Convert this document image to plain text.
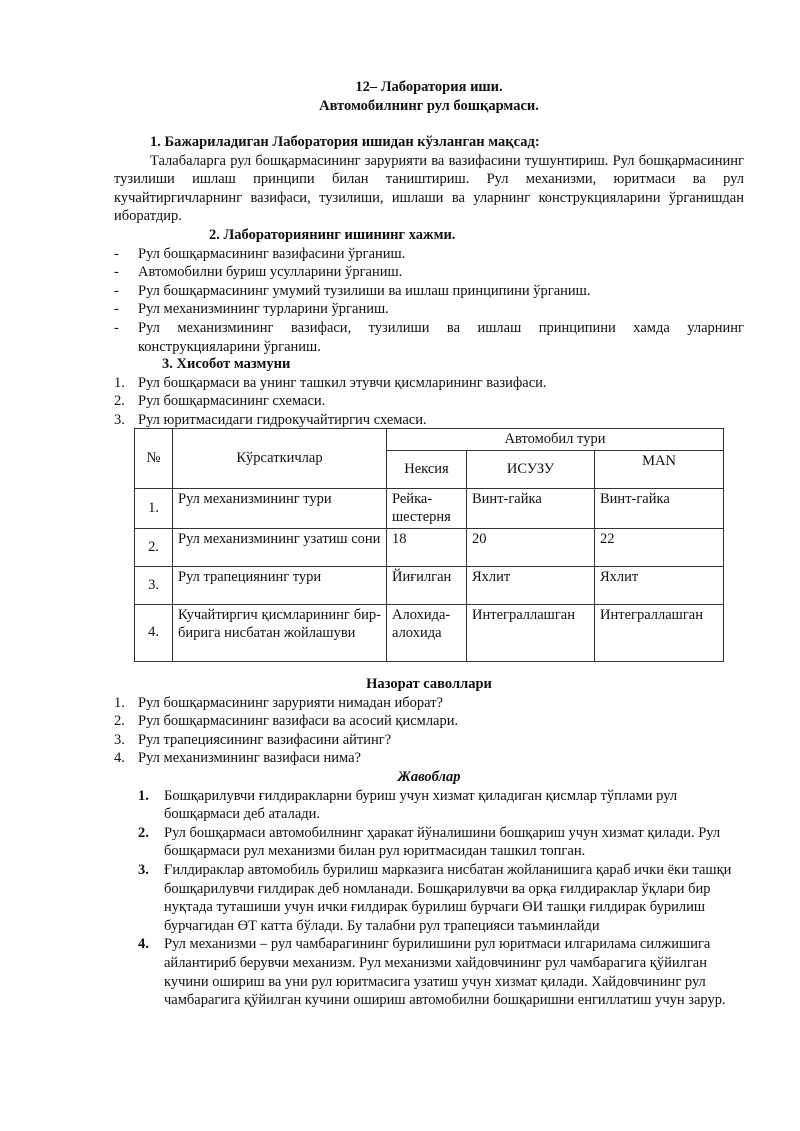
12– Лаборатория иши.
Автомобилнинг рул бошқармаси.
1. Бажариладиган Лаборатория ишидан кўзланган мақсад:
Талабаларга рул бошқармасининг зарурияти ва вазифасини тушунтириш. Рул бошқармасининг тузилиши ишлаш принципи билан таништириш. Рул механизми, юритмаси ва рул кучайтиргичларнинг вазифаси, тузилиши, ишлаши ва уларнинг конструкцияларини ўрганишдан иборатдир.
2. Лабораториянинг ишининг хажми.
- Рул бошқармасининг вазифасини ўрганиш.
- Автомобилни буриш усулларини ўрганиш.
- Рул бошқармасининг умумий тузилиши ва ишлаш принципини ўрганиш.
- Рул механизмининг турларини ўрганиш.
- Рул механизмининг вазифаси, тузилиши ва ишлаш принципини хамда уларнинг конструкцияларини ўрганиш.
3. Хисобот мазмуни
1. Рул бошқармаси ва унинг ташкил этувчи қисмларининг вазифаси.
2. Рул бошқармасининг схемаси.
3. Рул юритмасидаги гидрокучайтиргич схемаси.
№	Кўрсаткичлар	Автомобил тури		
		Нексия	ИСУЗУ	MAN
1.	Рул механизмининг тури	Рейка-шестерня	Винт-гайка	Винт-гайка
2.	Рул механизмининг узатиш сони	18	20	22
3.	Рул трапециянинг тури	Йиғилган	Яхлит	Яхлит
4.	Кучайтиргич қисмларининг бир-бирига нисбатан жойлашуви	Алохида-алохида	Интеграллашган	Интеграллашган
Назорат саволлари
1. Рул бошқармасининг зарурияти нимадан иборат?
2. Рул бошқармасининг вазифаси ва асосий қисмлари.
3. Рул трапециясининг вазифасини айтинг?
4. Рул механизмининг вазифаси нима?
Жавоблар
1. Бошқарилувчи ғилдиракларни буриш учун хизмат қиладиган қисмлар тўплами рул бошқармаси деб аталади.
2. Рул бошқармаси автомобилнинг ҳаракат йўналишини бошқариш учун хизмат қилади. Рул бошқармаси рул механизми билан рул юритмасидан ташкил топган.
3. Ғилдираклар автомобиль бурилиш марказига нисбатан жойланишига қараб ички ёки ташқи бошқарилувчи ғилдирак деб номланади. Бошқарилувчи ва орқа ғилдираклар ўқлари бир нуқтада туташиши учун ички ғилдирак бурилиш бурчаги ӨИ ташқи ғилдирак бурилиш бурчагидан ӨТ катта бўлади. Бу талабни рул трапецияси таъминлайди
4. Рул механизми – рул чамбарагининг бурилишини рул юритмаси илгарилама силжишига айлантириб берувчи механизм. Рул механизми хайдовчининг рул чамбарагига қўйилган кучини ошириш ва уни рул юритмасига узатиш учун хизмат қилади. Хайдовчининг рул чамбарагига қўйилган кучини ошириш автомобилни бошқаришни енгиллатиш учун зарур.
